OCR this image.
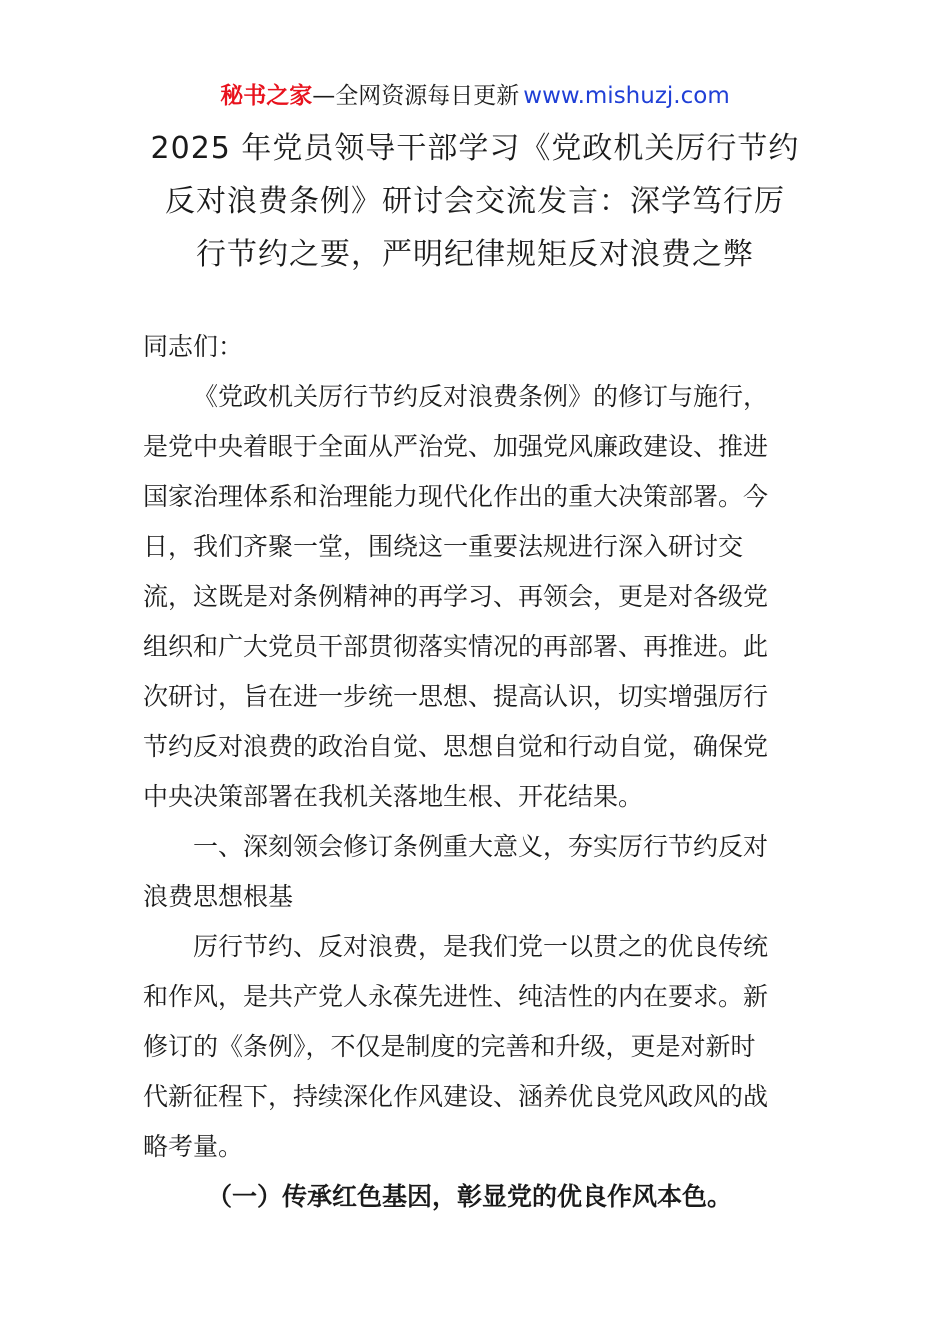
秘书之家—全网资源每日更新 www.mishuzj.com
2025 年党员领导干部学习《党政机关厉行节约
反对浪费条例》研讨会交流发言：深学笃行厉
行节约之要，严明纪律规矩反对浪费之弊
同志们：
《党政机关厉行节约反对浪费条例》的修订与施行，
是党中央着眼于全面从严治党、加强党风廉政建设、推进
国家治理体系和治理能力现代化作出的重大决策部署。今
日，我们齐聚一堂，围绕这一重要法规进行深入研讨交
流，这既是对条例精神的再学习、再领会，更是对各级党
组织和广大党员干部贯彻落实情况的再部署、再推进。此
次研讨，旨在进一步统一思想、提高认识，切实增强厉行
节约反对浪费的政治自觉、思想自觉和行动自觉，确保党
中央决策部署在我机关落地生根、开花结果。
一、深刻领会修订条例重大意义，夯实厉行节约反对
浪费思想根基
厉行节约、反对浪费，是我们党一以贯之的优良传统
和作风，是共产党人永葆先进性、纯洁性的内在要求。新
修订的《条例》，不仅是制度的完善和升级，更是对新时
代新征程下，持续深化作风建设、涵养优良党风政风的战
略考量。
（一）传承红色基因，彰显党的优良作风本色。
